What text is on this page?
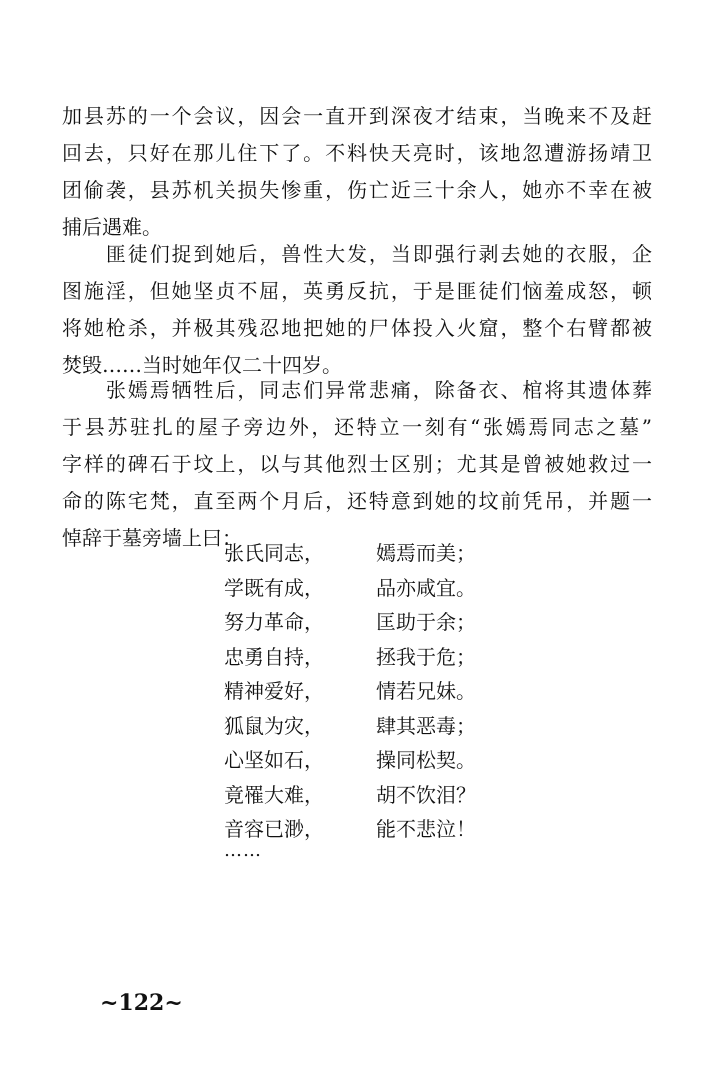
加县苏的一个会议，因会一直开到深夜才结束，当晚来不及赶
回去，只好在那儿住下了。不料快天亮时，该地忽遭游扬靖卫
团偷袭，县苏机关损失惨重，伤亡近三十余人，她亦不幸在被
捕后遇难。
　　匪徒们捉到她后，兽性大发，当即强行剥去她的衣服，企
图施淫，但她坚贞不屈，英勇反抗，于是匪徒们恼羞成怒，顿
将她枪杀，并极其残忍地把她的尸体投入火窟，整个右臂都被
焚毁……当时她年仅二十四岁。
　　张嫣焉牺牲后，同志们异常悲痛，除备衣、棺将其遗体葬
于县苏驻扎的屋子旁边外，还特立一刻有“张嫣焉同志之墓”
字样的碑石于坟上，以与其他烈士区别；尤其是曾被她救过一
命的陈宅梵，直至两个月后，还特意到她的坟前凭吊，并题一
悼辞于墓旁墙上曰：
张氏同志，	嫣焉而美；
学既有成，	品亦咸宜。
努力革命，	匡助于余；
忠勇自持，	拯我于危；
精神爱好，	情若兄妹。
狐鼠为灾，	肆其恶毒；
心坚如石，	操同松契。
竟罹大难，	胡不饮泪？
音容已渺，	能不悲泣！
……
~122~
